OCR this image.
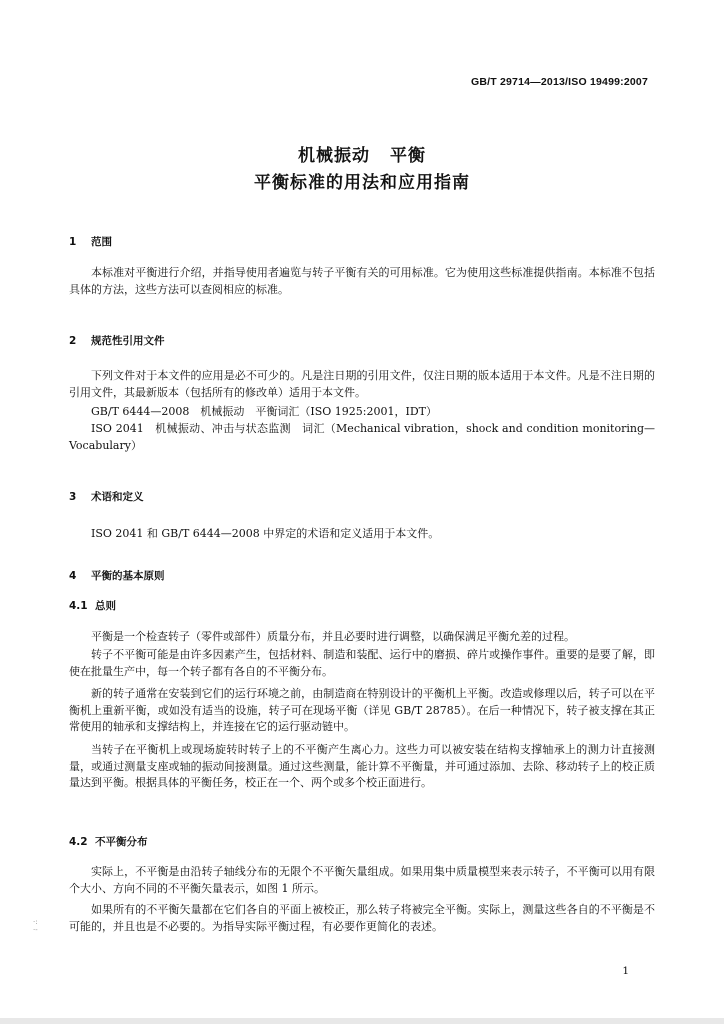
GB/T 29714—2013/ISO 19499:2007
机械振动 平衡
平衡标准的用法和应用指南
1 范围
本标准对平衡进行介绍，并指导使用者遍览与转子平衡有关的可用标准。它为使用这些标准提供指南。本标准不包括具体的方法，这些方法可以查阅相应的标准。
2 规范性引用文件
下列文件对于本文件的应用是必不可少的。凡是注日期的引用文件，仅注日期的版本适用于本文件。凡是不注日期的引用文件，其最新版本（包括所有的修改单）适用于本文件。
GB/T 6444—2008　机械振动　平衡词汇（ISO 1925:2001，IDT）
ISO 2041　机械振动、冲击与状态监测　词汇（Mechanical vibration，shock and condition monitoring—Vocabulary）
3 术语和定义
ISO 2041 和 GB/T 6444—2008 中界定的术语和定义适用于本文件。
4 平衡的基本原则
4.1 总则
平衡是一个检查转子（零件或部件）质量分布，并且必要时进行调整，以确保满足平衡允差的过程。
转子不平衡可能是由许多因素产生，包括材料、制造和装配、运行中的磨损、碎片或操作事件。重要的是要了解，即使在批量生产中，每一个转子都有各自的不平衡分布。
新的转子通常在安装到它们的运行环境之前，由制造商在特别设计的平衡机上平衡。改造或修理以后，转子可以在平衡机上重新平衡，或如没有适当的设施，转子可在现场平衡（详见 GB/T 28785）。在后一种情况下，转子被支撑在其正常使用的轴承和支撑结构上，并连接在它的运行驱动链中。
当转子在平衡机上或现场旋转时转子上的不平衡产生离心力。这些力可以被安装在结构支撑轴承上的测力计直接测量，或通过测量支座或轴的振动间接测量。通过这些测量，能计算不平衡量，并可通过添加、去除、移动转子上的校正质量达到平衡。根据具体的平衡任务，校正在一个、两个或多个校正面进行。
4.2 不平衡分布
实际上，不平衡是由沿转子轴线分布的无限个不平衡矢量组成。如果用集中质量模型来表示转子，不平衡可以用有限个大小、方向不同的不平衡矢量表示，如图 1 所示。
如果所有的不平衡矢量都在它们各自的平面上被校正，那么转子将被完全平衡。实际上，测量这些各自的不平衡是不可能的，并且也是不必要的。为指导实际平衡过程，有必要作更简化的表述。
·:
·-
1
